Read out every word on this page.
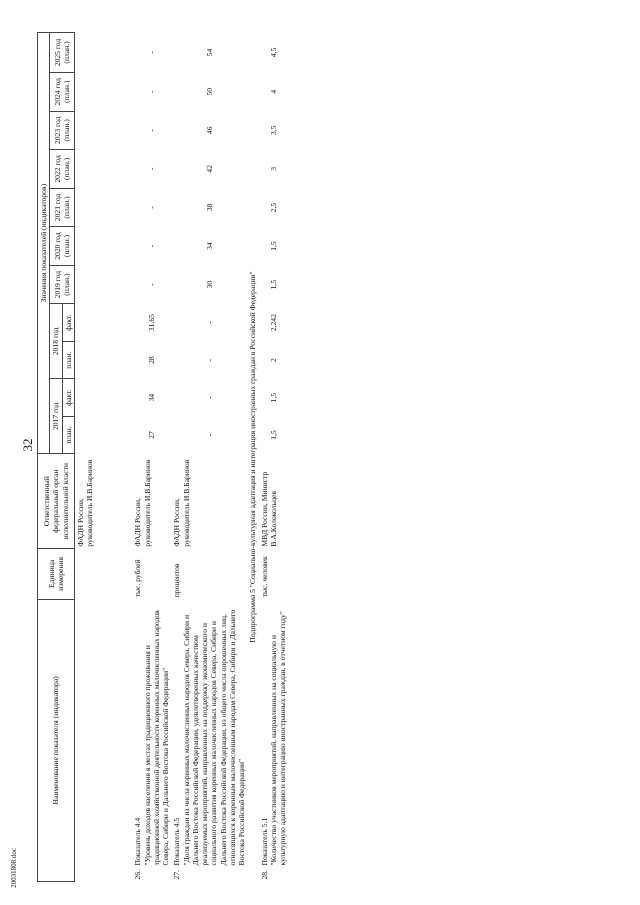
32
20031808.doc
Наименование показателя (индикатора)	Единица измерения	Ответственный федеральный орган исполнительной власти	Значения показателей (индикаторов)										
			2017 год		2018 год		2019 год (план.)	2020 год (план.)	2021 год (план.)	2022 год (план.)	2023 год (план.)	2024 год (план.)	2025 год (план.)
			план.	факт.	план.	факт.							
		ФАДН России, руководитель И.В.Баринов											
26.Показатель 4.4 "Уровень доходов населения в местах традиционного проживания и традиционной хозяйственной деятельности коренных малочисленных народов Севера, Сибири и Дальнего Востока Российской Федерации"	тыс. рублей	ФАДН России, руководитель И.В.Баринов	27	34	28	31,65	-	-	-	-	-	-	-
27.Показатель 4.5 "Доля граждан из числа коренных малочисленных народов Севера, Сибири и Дальнего Востока Российской Федерации, удовлетворенных качеством реализуемых мероприятий, направленных на поддержку экономического и социального развития коренных малочисленных народов Севера, Сибири и Дальнего Востока Российской Федерации, из общего числа опрошенных лиц, относящихся к коренным малочисленным народам Севера, Сибири и Дальнего Востока Российской Федерации"	процентов	ФАДН России, руководитель И.В.Баринов	-	-	-	-	30	34	38	42	46	50	54
Подпрограмма 5 "Социально-культурная адаптация и интеграция иностранных граждан в Российской Федерации"													
28.Показатель 5.1 "Количество участников мероприятий, направленных на социальную и культурную адаптацию и интеграцию иностранных граждан, в отчетном году"	тыс. человек	МВД России, Министр В.А.Колокольцев	1,5	1,5	2	2,242	1,5	1,5	2,5	3	3,5	4	4,5
